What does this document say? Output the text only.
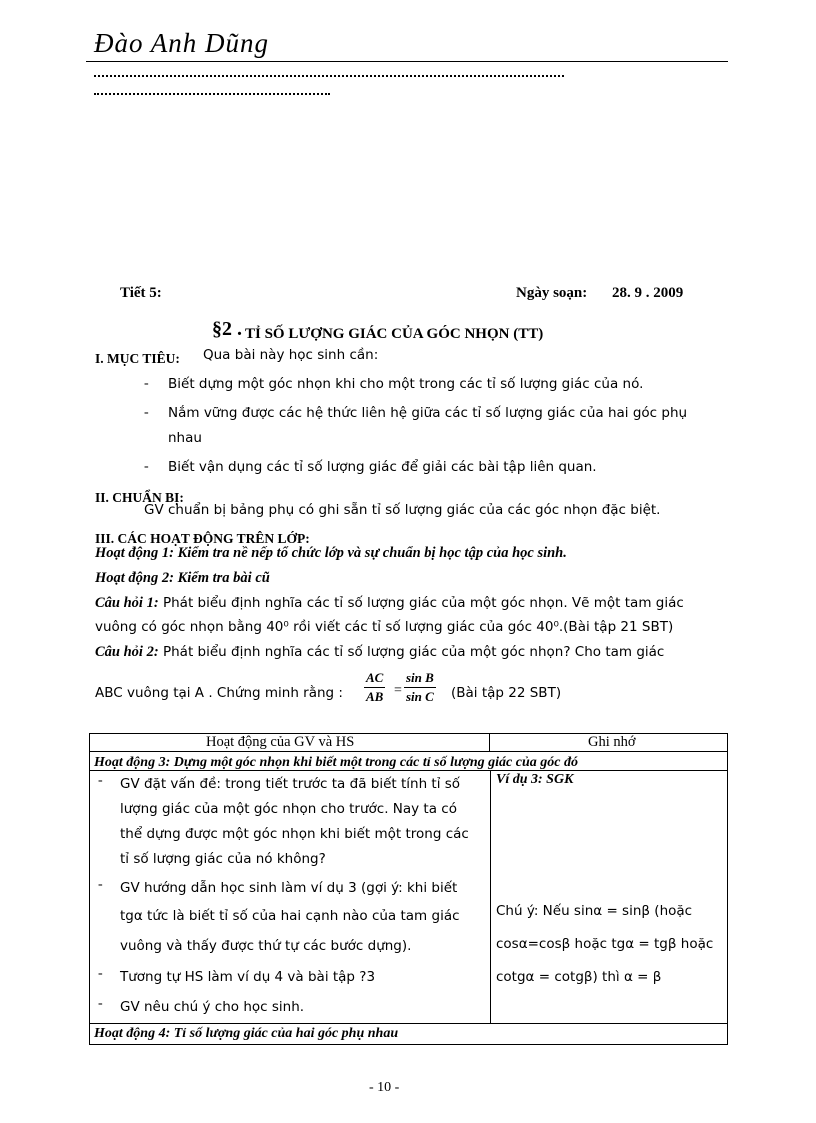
Đào Anh Dũng
Tiết 5:	Ngày soạn: 28. 9 . 2009
§2 . TỈ SỐ LƯỢNG GIÁC CỦA GÓC NHỌN (TT)
I. MỤC TIÊU: Qua bài này học sinh cần:
- Biết dựng một góc nhọn khi cho một trong các tỉ số lượng giác của nó.
- Nắm vững được các hệ thức liên hệ giữa các tỉ số lượng giác của hai góc phụ
nhau
- Biết vận dụng các tỉ số lượng giác để giải các bài tập liên quan.
II. CHUẨN BỊ:
GV chuẩn bị bảng phụ có ghi sẵn tỉ số lượng giác của các góc nhọn đặc biệt.
III. CÁC HOẠT ĐỘNG TRÊN LỚP:
Hoạt động 1: Kiểm tra nề nếp tổ chức lớp và sự chuẩn bị học tập của học sinh.
Hoạt động 2: Kiểm tra bài cũ
Câu hỏi 1: Phát biểu định nghĩa các tỉ số lượng giác của một góc nhọn. Vẽ một tam giác
vuông có góc nhọn bằng 40⁰ rồi viết các tỉ số lượng giác của góc 40⁰.(Bài tập 21 SBT)
Câu hỏi 2: Phát biểu định nghĩa các tỉ số lượng giác của một góc nhọn? Cho tam giác
ABC vuông tại A . Chứng minh rằng : $\frac{AC}{AB} = \frac{\text{sin B}}{\text{sin C}}$ (Bài tập 22 SBT)
Hoạt động của GV và HS	Ghi nhớ
Hoạt động 3: Dựng một góc nhọn khi biết một trong các tỉ số lượng giác của góc đó
- GV đặt vấn đề: trong tiết trước ta đã biết tính tỉ số
lượng giác của một góc nhọn cho trước. Nay ta có
thể dựng được một góc nhọn khi biết một trong các
tỉ số lượng giác của nó không?
- GV hướng dẫn học sinh làm ví dụ 3 (gợi ý: khi biết
tgα tức là biết tỉ số của hai cạnh nào của tam giác
vuông và thấy được thứ tự các bước dựng).
- Tương tự HS làm ví dụ 4 và bài tập ?3
- GV nêu chú ý cho học sinh.
Ví dụ 3: SGK
Chú ý: Nếu sinα = sinβ (hoặc
cosα=cosβ hoặc tgα = tgβ hoặc
cotgα = cotgβ) thì α = β
Hoạt động 4: Tỉ số lượng giác của hai góc phụ nhau
- 10 -
